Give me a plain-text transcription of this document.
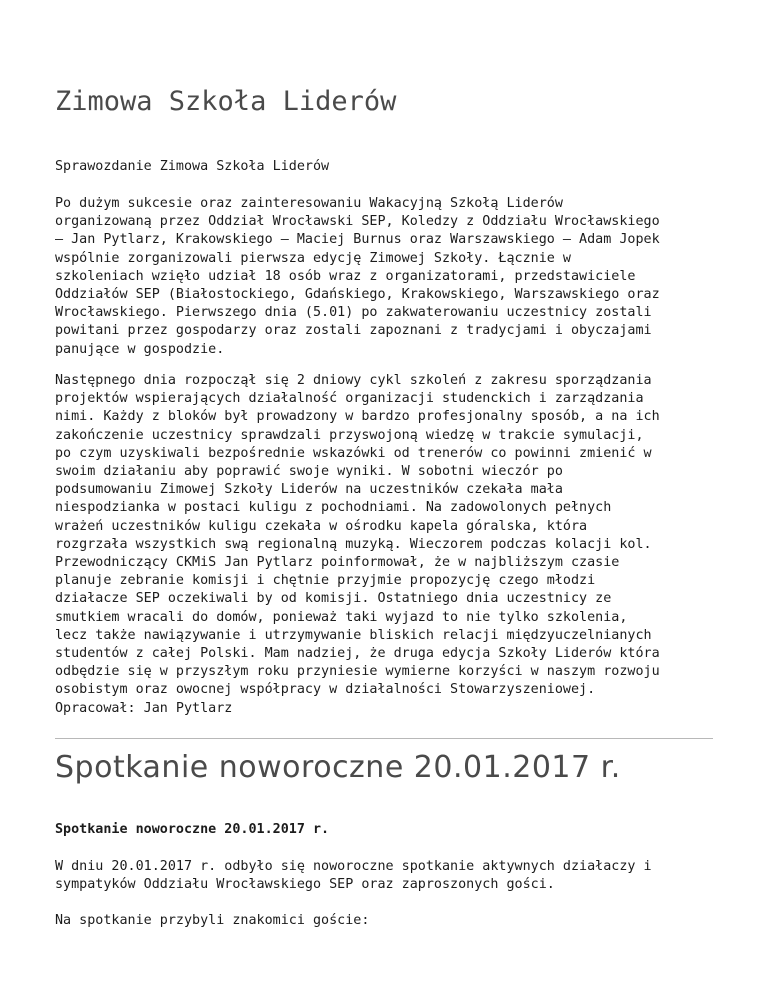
Zimowa Szkoła Liderów

Sprawozdanie Zimowa Szkoła Liderów

Po dużym sukcesie oraz zainteresowaniu Wakacyjną Szkołą Liderów
organizowaną przez Oddział Wrocławski SEP, Koledzy z Oddziału Wrocławskiego
– Jan Pytlarz, Krakowskiego – Maciej Burnus oraz Warszawskiego – Adam Jopek
wspólnie zorganizowali pierwsza edycję Zimowej Szkoły. Łącznie w
szkoleniach wzięło udział 18 osób wraz z organizatorami, przedstawiciele
Oddziałów SEP (Białostockiego, Gdańskiego, Krakowskiego, Warszawskiego oraz
Wrocławskiego. Pierwszego dnia (5.01) po zakwaterowaniu uczestnicy zostali
powitani przez gospodarzy oraz zostali zapoznani z tradycjami i obyczajami
panujące w gospodzie.

Następnego dnia rozpoczął się 2 dniowy cykl szkoleń z zakresu sporządzania
projektów wspierających działalność organizacji studenckich i zarządzania
nimi. Każdy z bloków był prowadzony w bardzo profesjonalny sposób, a na ich
zakończenie uczestnicy sprawdzali przyswojoną wiedzę w trakcie symulacji,
po czym uzyskiwali bezpośrednie wskazówki od trenerów co powinni zmienić w
swoim działaniu aby poprawić swoje wyniki. W sobotni wieczór po
podsumowaniu Zimowej Szkoły Liderów na uczestników czekała mała
niespodzianka w postaci kuligu z pochodniami. Na zadowolonych pełnych
wrażeń uczestników kuligu czekała w ośrodku kapela góralska, która
rozgrzała wszystkich swą regionalną muzyką. Wieczorem podczas kolacji kol.
Przewodniczący CKMiS Jan Pytlarz poinformował, że w najbliższym czasie
planuje zebranie komisji i chętnie przyjmie propozycję czego młodzi
działacze SEP oczekiwali by od komisji. Ostatniego dnia uczestnicy ze
smutkiem wracali do domów, ponieważ taki wyjazd to nie tylko szkolenia,
lecz także nawiązywanie i utrzymywanie bliskich relacji międzyuczelnianych
studentów z całej Polski. Mam nadziej, że druga edycja Szkoły Liderów która
odbędzie się w przyszłym roku przyniesie wymierne korzyści w naszym rozwoju
osobistym oraz owocnej współpracy w działalności Stowarzyszeniowej.
Opracował: Jan Pytlarz

Spotkanie noworoczne 20.01.2017 r.

Spotkanie noworoczne 20.01.2017 r.

W dniu 20.01.2017 r. odbyło się noworoczne spotkanie aktywnych działaczy i
sympatyków Oddziału Wrocławskiego SEP oraz zaproszonych gości.

Na spotkanie przybyli znakomici goście:
